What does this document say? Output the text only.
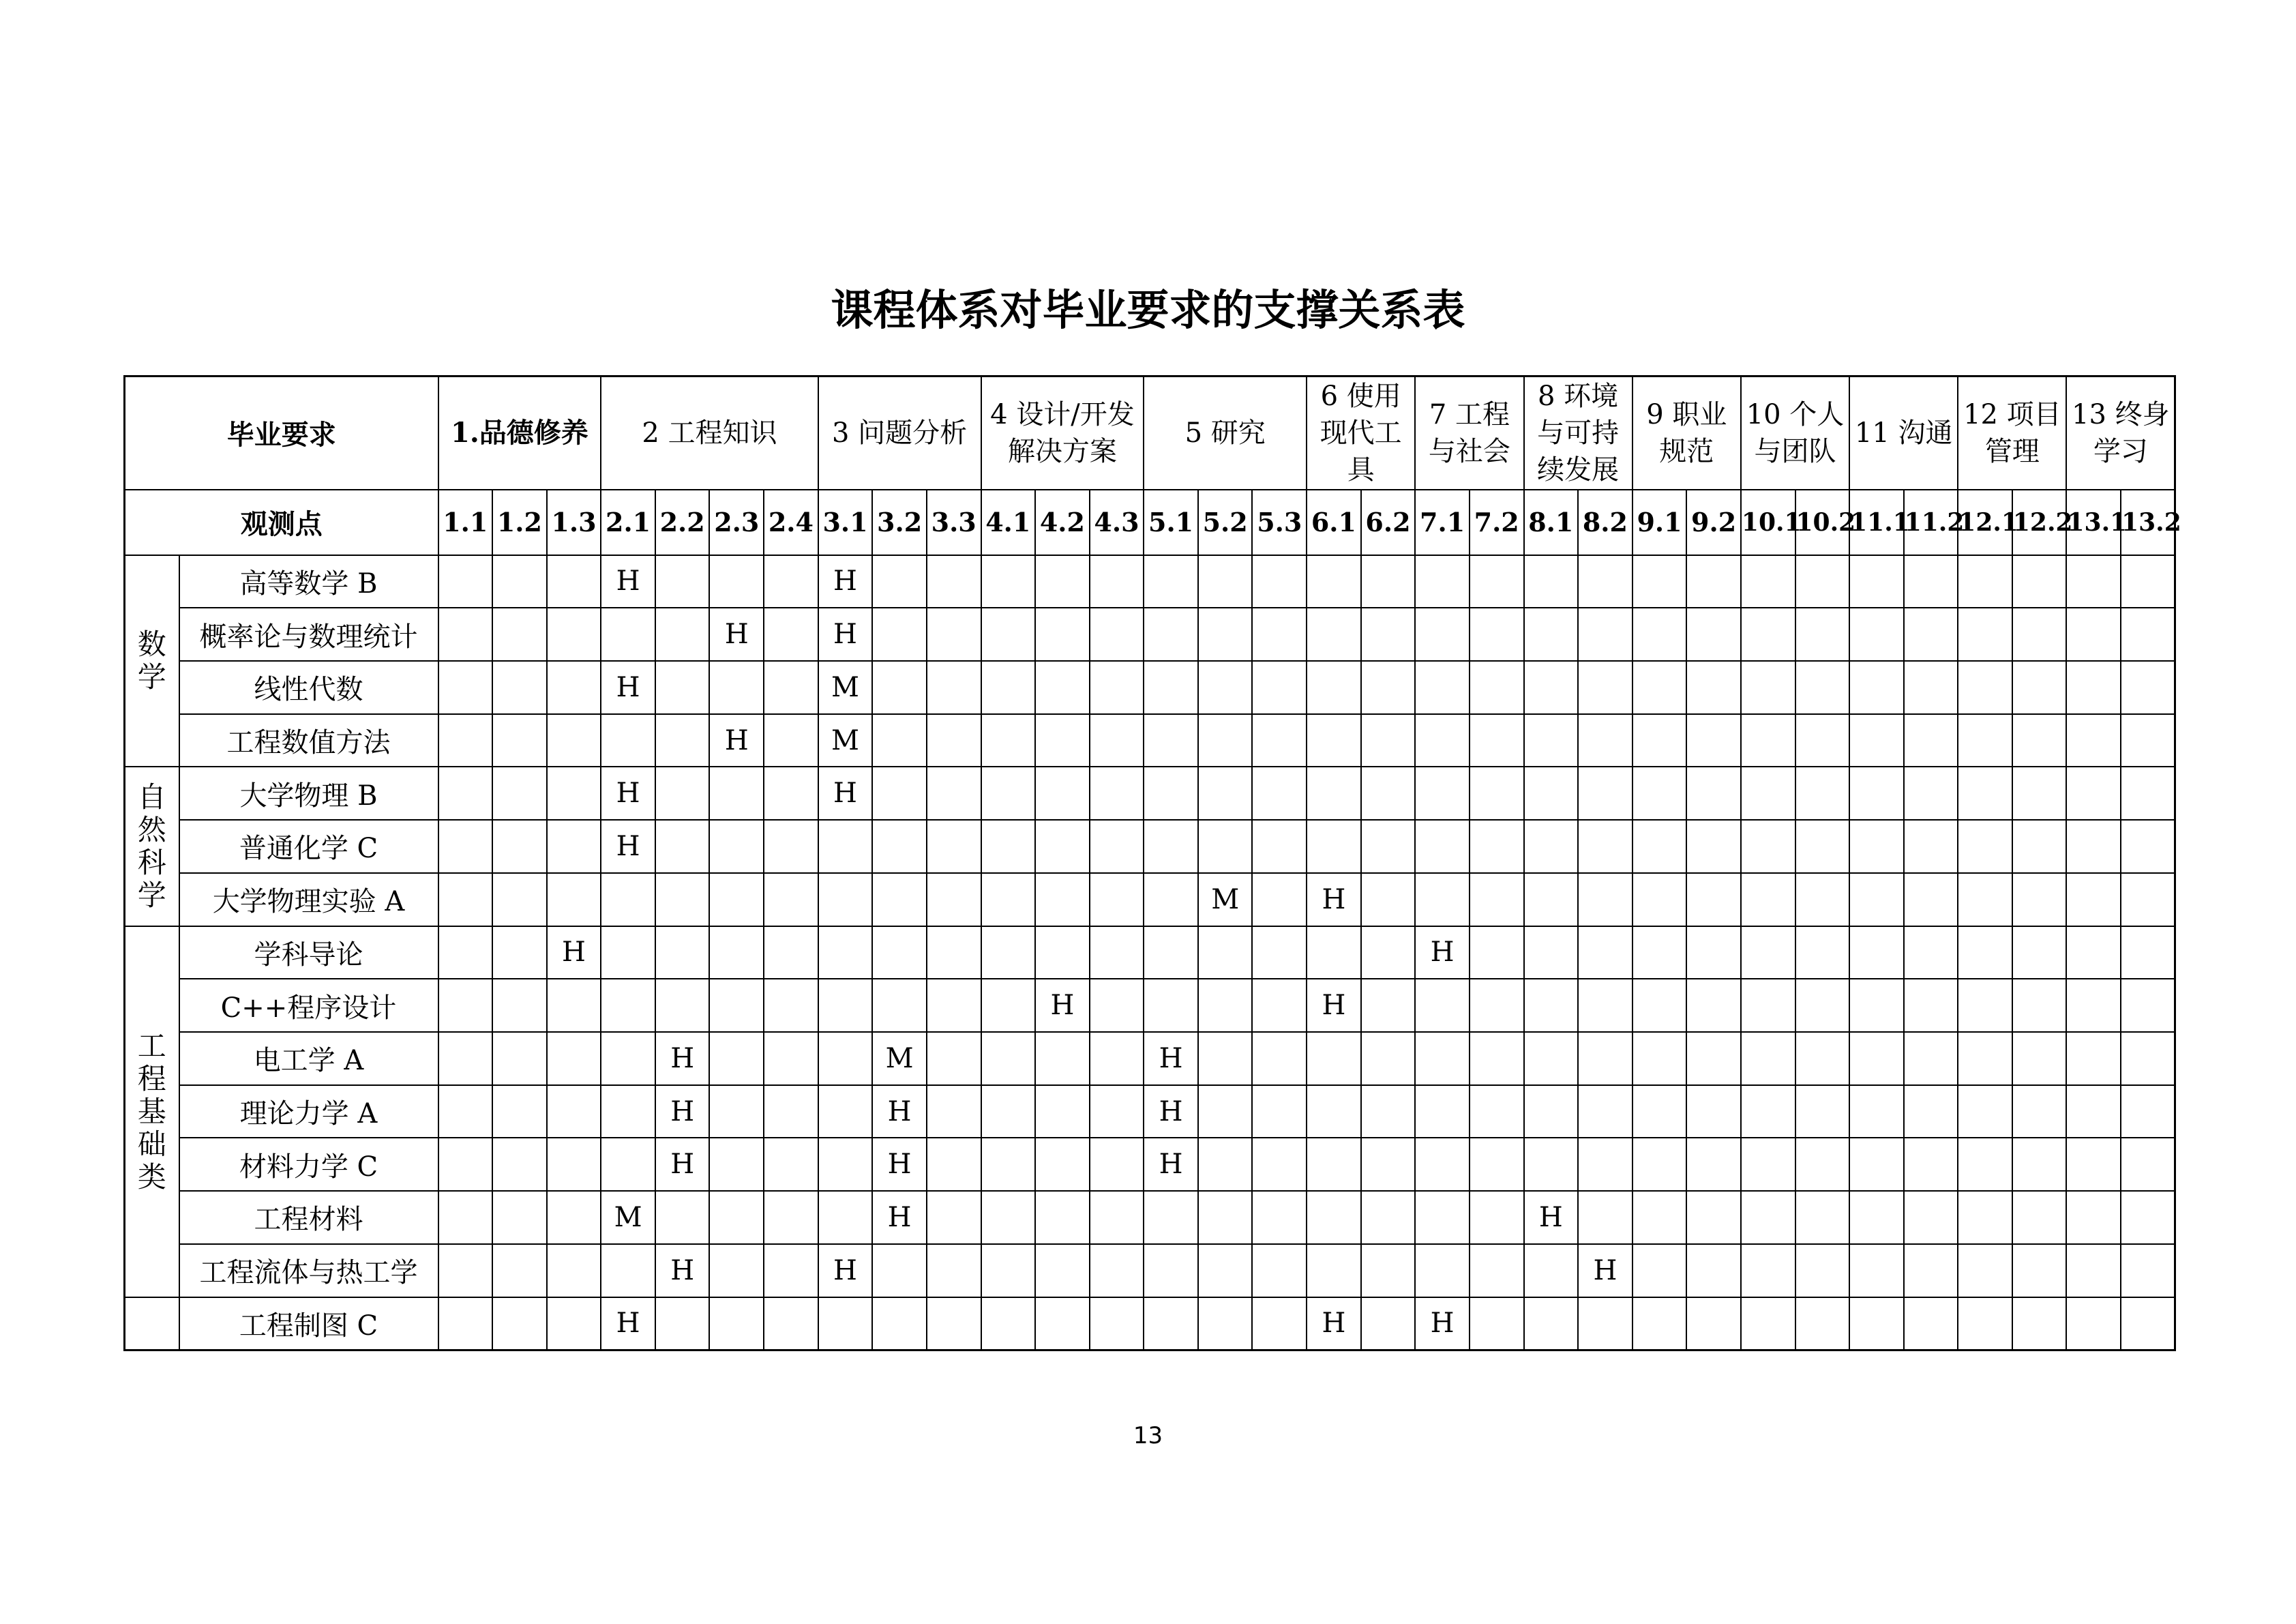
课程体系对毕业要求的支撑关系表
毕业要求		1.品德修养			2 工程知识				3 问题分析			4 设计/开发解决方案			5 研究			6 使用现代工具		7 工程与社会		8 环境与可持续发展		9 职业规范		10 个人与团队		11 沟通		12 项目管理		13 终身学习	
观测点		1.1	1.2	1.3	2.1	2.2	2.3	2.4	3.1	3.2	3.3	4.1	4.2	4.3	5.1	5.2	5.3	6.1	6.2	7.1	7.2	8.1	8.2	9.1	9.2	10.1	10.2	11.1	11.2	12.1	12.2	13.1	13.2
数学	高等数学 B				H				H																								
	概率论与数理统计						H		H																								
	线性代数				H				M																								
	工程数值方法						H		M																								
自然科学	大学物理 B				H				H																								
	普通化学 C				H																												
	大学物理实验 A															M		H															
工程基础类	学科导论			H																H													
	C++程序设计												H					H															
	电工学 A					H				M					H																		
	理论力学 A					H				H					H																		
	材料力学 C					H				H					H																		
	工程材料				M					H												H											
	工程流体与热工学					H			H														H										
	工程制图 C				H													H		H													
13
